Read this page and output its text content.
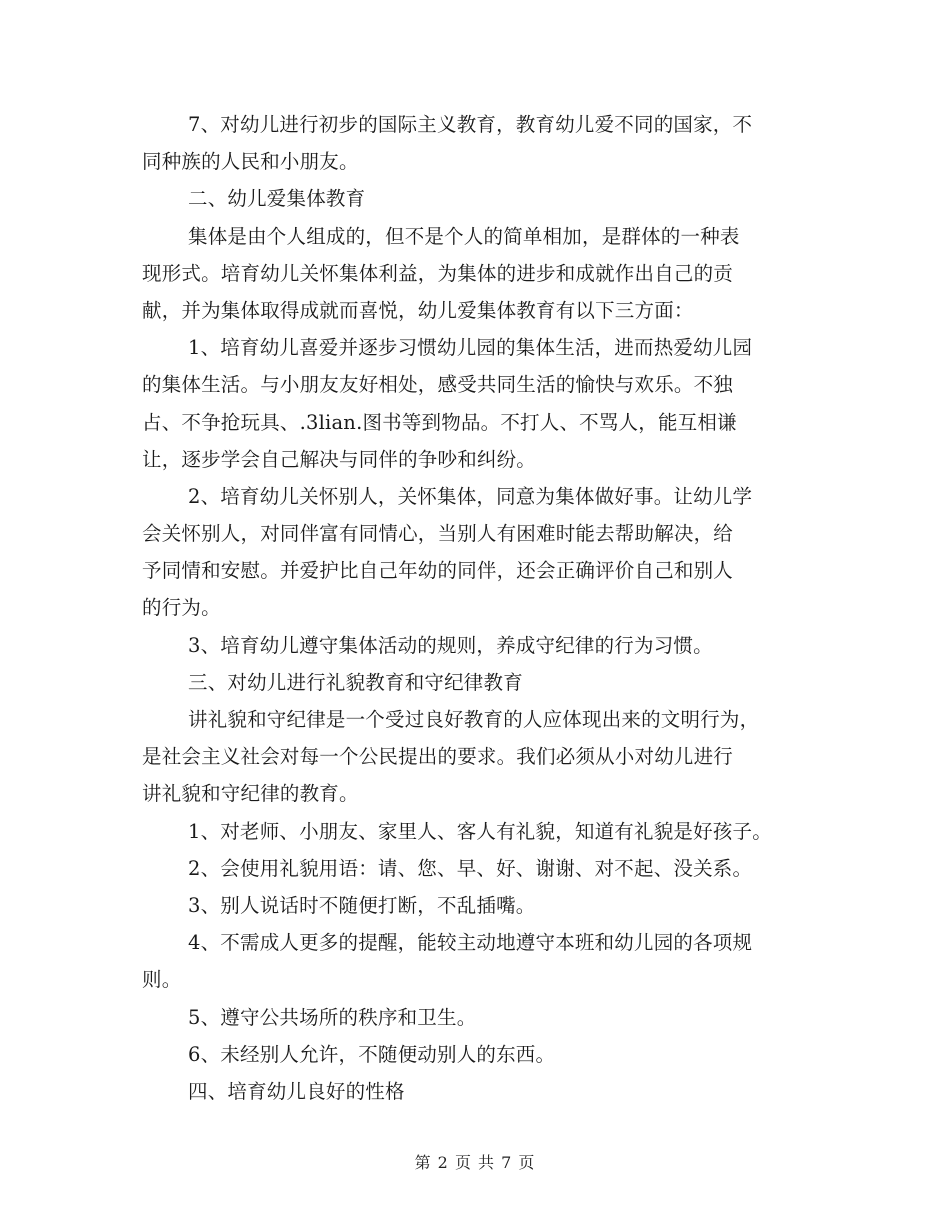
7、对幼儿进行初步的国际主义教育，教育幼儿爱不同的国家，不
同种族的人民和小朋友。
二、幼儿爱集体教育
集体是由个人组成的，但不是个人的简单相加，是群体的一种表
现形式。培育幼儿关怀集体利益，为集体的进步和成就作出自己的贡
献，并为集体取得成就而喜悦，幼儿爱集体教育有以下三方面：
1、培育幼儿喜爱并逐步习惯幼儿园的集体生活，进而热爱幼儿园
的集体生活。与小朋友友好相处，感受共同生活的愉快与欢乐。不独
占、不争抢玩具、.3lian.图书等到物品。不打人、不骂人，能互相谦
让，逐步学会自己解决与同伴的争吵和纠纷。
2、培育幼儿关怀别人，关怀集体，同意为集体做好事。让幼儿学
会关怀别人，对同伴富有同情心，当别人有困难时能去帮助解决，给
予同情和安慰。并爱护比自己年幼的同伴，还会正确评价自己和别人
的行为。
3、培育幼儿遵守集体活动的规则，养成守纪律的行为习惯。
三、对幼儿进行礼貌教育和守纪律教育
讲礼貌和守纪律是一个受过良好教育的人应体现出来的文明行为，
是社会主义社会对每一个公民提出的要求。我们必须从小对幼儿进行
讲礼貌和守纪律的教育。
1、对老师、小朋友、家里人、客人有礼貌，知道有礼貌是好孩子。
2、会使用礼貌用语：请、您、早、好、谢谢、对不起、没关系。
3、别人说话时不随便打断，不乱插嘴。
4、不需成人更多的提醒，能较主动地遵守本班和幼儿园的各项规
则。
5、遵守公共场所的秩序和卫生。
6、未经别人允许，不随便动别人的东西。
四、培育幼儿良好的性格
第 2 页 共 7 页
